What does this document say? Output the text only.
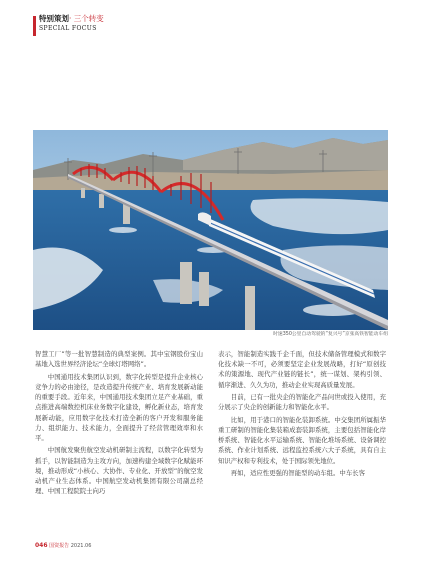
特别策划· 三个转变
SPECIAL FOCUS
时速350公里自动驾驶的“复兴号”京张高铁智能动车组

智慧工厂”等一批智慧制造的典型案例。其中宝钢股份宝山基地入选世界经济论坛“全球灯塔网络”。

中国通用技术集团认识到，数字化转型是提升企业核心竞争力的必由途径，是改造提升传统产业、培育发展新动能的重要手段。近年来，中国通用技术集团立足产业基础，重点推进高端数控机床业务数字化建设，孵化新业态，培育发展新动能，应用数字化技术打造全新的客户开发和服务能力、组织能力、技术能力，全面提升了经营管理效率和水平。

中国航发聚焦航空发动机研制主流程，以数字化转型为抓手，以智能制造为主攻方向，加速构建全域数字化赋能环境，推动形成“小核心、大协作、专业化、开放型”的航空发动机产业生态体系。中国航空发动机集团有限公司副总经理、中国工程院院士向巧

表示，智能制造实践千企千面，但技术储备管理模式和数字化技术缺一不可，必须要坚定企业发展战略，打好“原创技术的策源地、现代产业链的链长”，统一谋划、架构引领、循序渐进、久久为功，推动企业实现高质量发展。

目前，已有一批央企的智能化产品问世或投入使用，充分展示了央企的创新能力和智能化水平。

比如，用于港口的智能化装卸系统。中交集团所属振华重工研制的智能化集装箱成套装卸系统，主要包括智能化岸桥系统、智能化水平运输系统、智能化堆场系统、设备调控系统、作业计划系统、远程监控系统六大子系统，具有自主知识产权和专利技术，处于国际领先地位。

再如，适应性更强的智能型的动车组。中车长客

046 国资报告 2021.06
